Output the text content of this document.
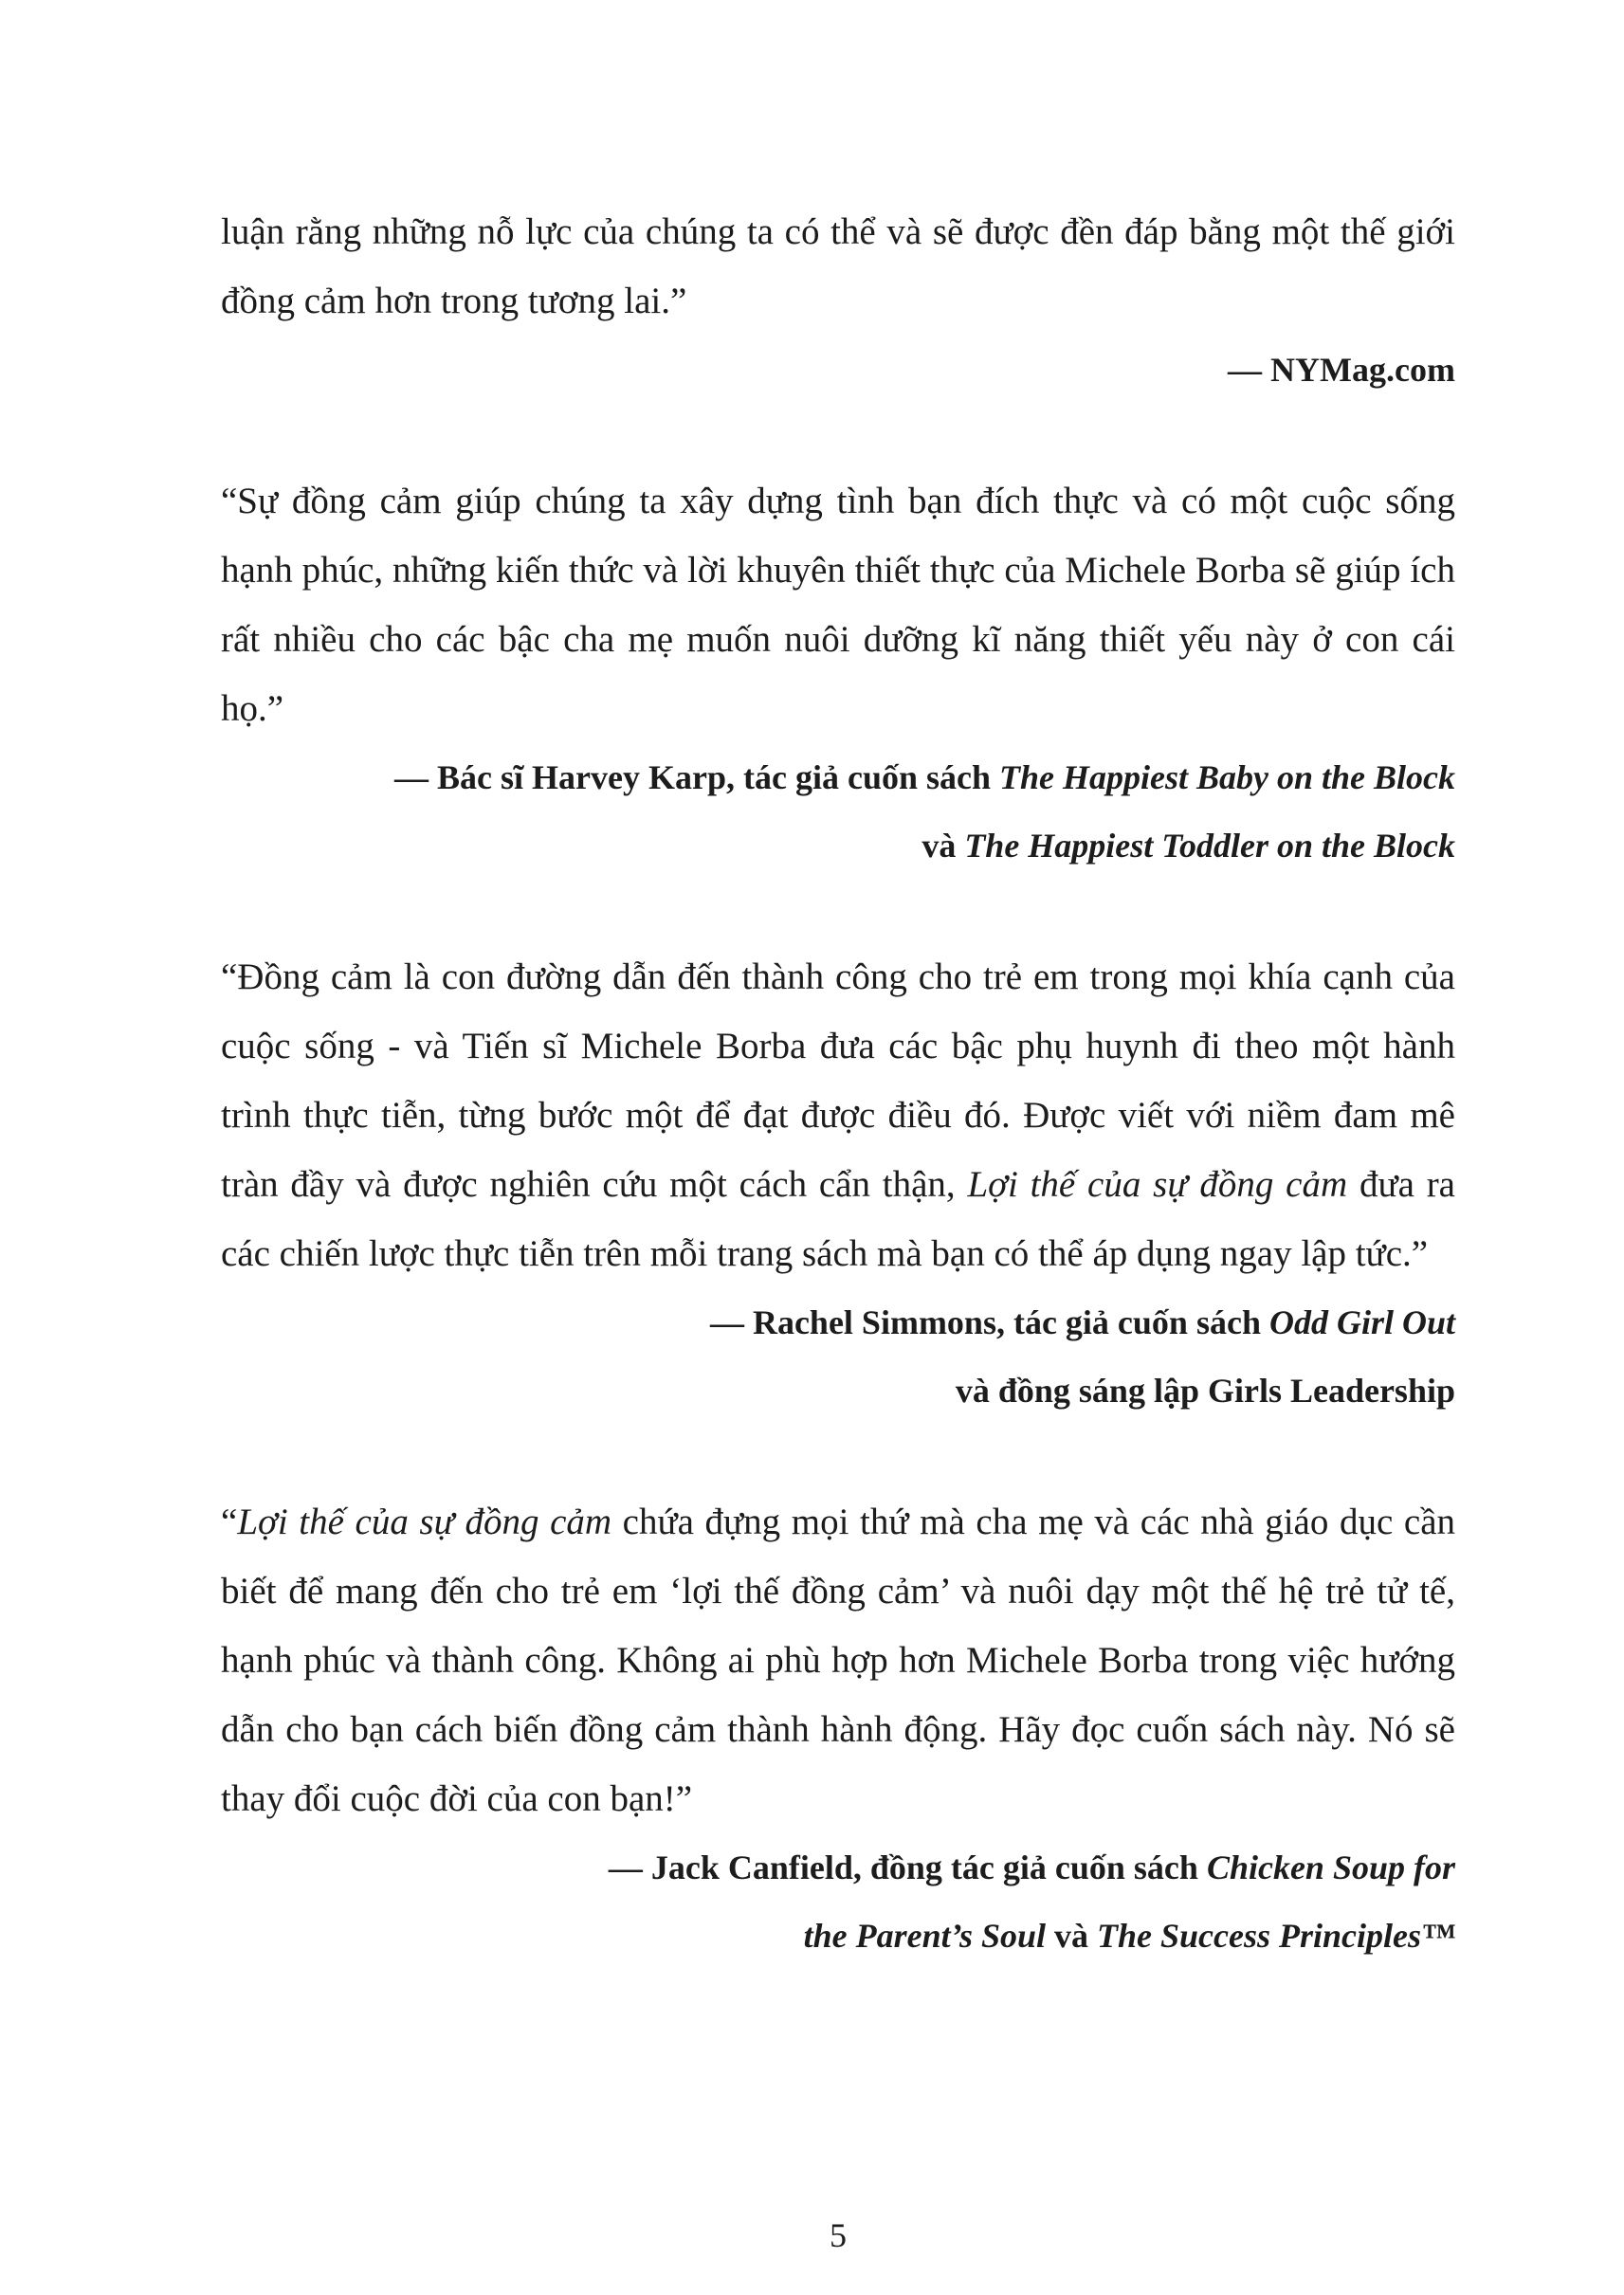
luận rằng những nỗ lực của chúng ta có thể và sẽ được đền đáp bằng một thế giới đồng cảm hơn trong tương lai.”

— NYMag.com

“Sự đồng cảm giúp chúng ta xây dựng tình bạn đích thực và có một cuộc sống hạnh phúc, những kiến thức và lời khuyên thiết thực của Michele Borba sẽ giúp ích rất nhiều cho các bậc cha mẹ muốn nuôi dưỡng kĩ năng thiết yếu này ở con cái họ.”

— Bác sĩ Harvey Karp, tác giả cuốn sách The Happiest Baby on the Block

và The Happiest Toddler on the Block

“Đồng cảm là con đường dẫn đến thành công cho trẻ em trong mọi khía cạnh của cuộc sống - và Tiến sĩ Michele Borba đưa các bậc phụ huynh đi theo một hành trình thực tiễn, từng bước một để đạt được điều đó. Được viết với niềm đam mê tràn đầy và được nghiên cứu một cách cẩn thận, Lợi thế của sự đồng cảm đưa ra các chiến lược thực tiễn trên mỗi trang sách mà bạn có thể áp dụng ngay lập tức.”

— Rachel Simmons, tác giả cuốn sách Odd Girl Out

và đồng sáng lập Girls Leadership

“Lợi thế của sự đồng cảm chứa đựng mọi thứ mà cha mẹ và các nhà giáo dục cần biết để mang đến cho trẻ em ‘lợi thế đồng cảm’ và nuôi dạy một thế hệ trẻ tử tế, hạnh phúc và thành công. Không ai phù hợp hơn Michele Borba trong việc hướng dẫn cho bạn cách biến đồng cảm thành hành động. Hãy đọc cuốn sách này. Nó sẽ thay đổi cuộc đời của con bạn!”

— Jack Canfield, đồng tác giả cuốn sách Chicken Soup for

the Parent’s Soul và The Success Principles™

5
